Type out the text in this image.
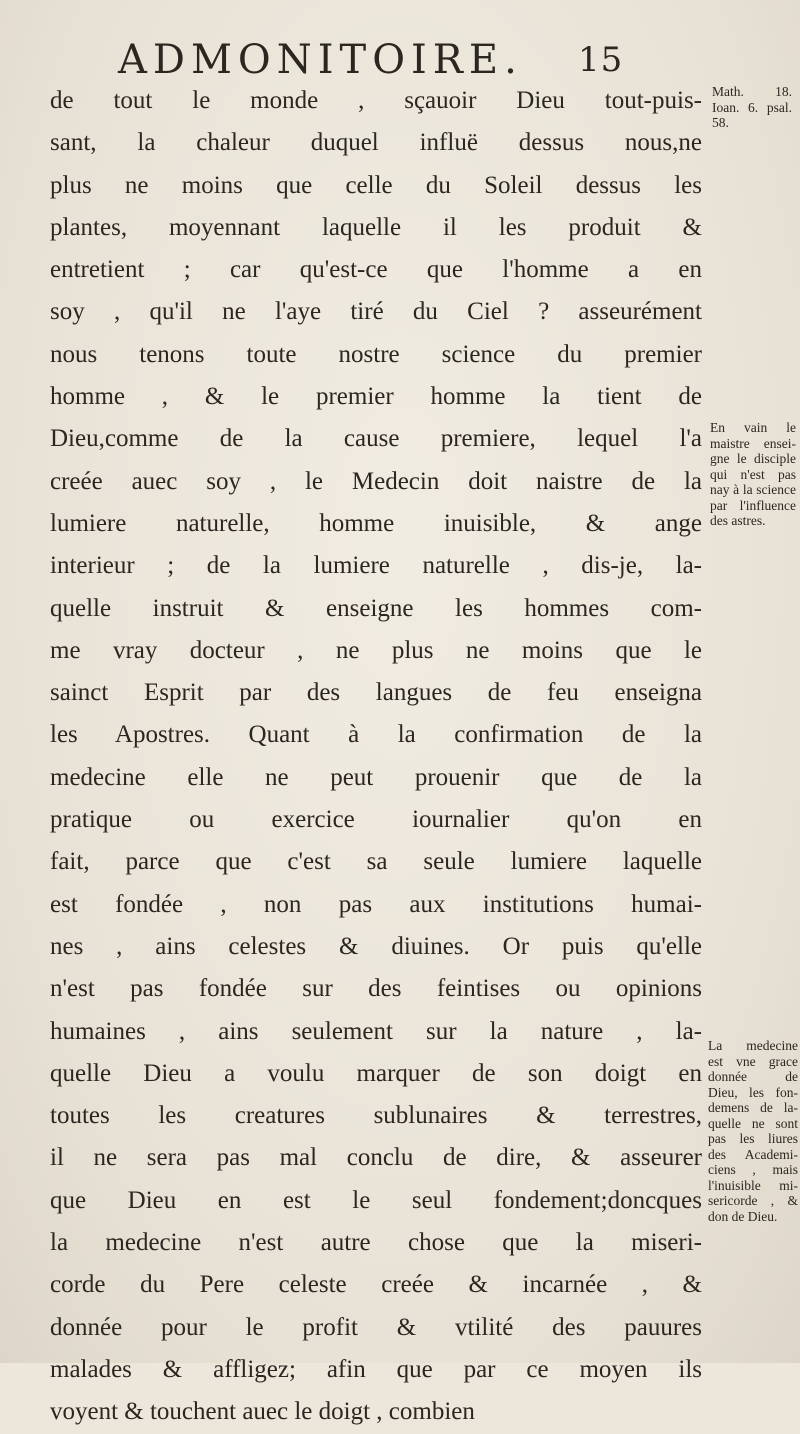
ADMONITOIRE. 15
de tout le monde , sçauoir Dieu tout-puis-
sant, la chaleur duquel influë dessus nous,ne
plus ne moins que celle du Soleil dessus les
plantes, moyennant laquelle il les produit &
entretient ; car qu'est-ce que l'homme a en
soy , qu'il ne l'aye tiré du Ciel ? asseurément
nous tenons toute nostre science du premier
homme , & le premier homme la tient de
Dieu,comme de la cause premiere, lequel l'a
creée auec soy , le Medecin doit naistre de la
lumiere naturelle, homme inuisible, & ange
interieur ; de la lumiere naturelle , dis-je, la-
quelle instruit & enseigne les hommes com-
me vray docteur , ne plus ne moins que le
sainct Esprit par des langues de feu enseigna
les Apostres. Quant à la confirmation de la
medecine elle ne peut prouenir que de la
pratique ou exercice iournalier qu'on en
fait, parce que c'est sa seule lumiere laquelle
est fondée , non pas aux institutions humai-
nes , ains celestes & diuines. Or puis qu'elle
n'est pas fondée sur des feintises ou opinions
humaines , ains seulement sur la nature , la-
quelle Dieu a voulu marquer de son doigt en
toutes les creatures sublunaires & terrestres,
il ne sera pas mal conclu de dire, & asseurer
que Dieu en est le seul fondement;doncques
la medecine n'est autre chose que la miseri-
corde du Pere celeste creée & incarnée , &
donnée pour le profit & vtilité des pauures
malades & affligez; afin que par ce moyen ils
voyent & touchent auec le doigt , combien
Math. 18.
Ioan. 6. psal.
58.
En vain le
maistre ensei-
gne le disciple
qui n'est pas
nay à la science
par l'influence
des astres.
La medecine
est vne grace
donnée de
Dieu, les fon-
demens de la-
quelle ne sont
pas les liures
des Academi-
ciens , mais
l'inuisible mi-
sericorde , &
don de Dieu.
